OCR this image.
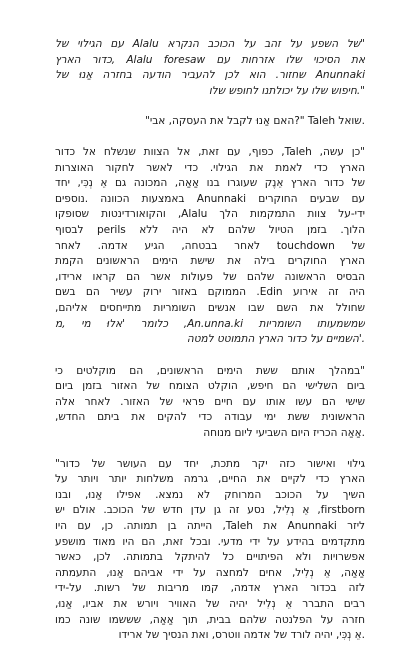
"של השפע על זהב על הכוכב הנקרא Alalu עם הגילוי של
את הסיכוי שלו אזרחות עם Alalu foresaw ,כדור הארץ
Anunnaki שחזור. הוא לכן להעביר הודעה בחזרה אַנוּ של
".חיפוש שלו על יכולתנו לחופש שלו
.שואל Taleh "?האם אַנוּ לקבל את העסקה, אבי"
"כן עשה, Taleh, כפוף, עם זאת, אל הצוות שנשלח אל כדור
הארץ כדי לאמת את הגילוי. כדי לאשר לחקור האוצרות
של כדור הארץ אֵנֶק שעוגרו בנו אַאַה, המכונה גם אֵ נְכִּי, יחד
עם שבעים החוקרים Anunnaki באמצעות הכוונה .נוספים
ידי-על צוות התמקמות הלך Alalu, והקואורדינטות שסופקו
הלוך. בזמן הטיול שלהם לא היה ללא perils לבסוף
של touchdown לאחר בבטחה, הגיע אדמה. לאחר
הארץ החוקרים בילה את שישת הימים הראשונים הקמת
הבסיס הראשונה שלהם של פעולות אשר הם קראו ארידו,
היה זה אירוע Edin. הממוקם באזור ירוק עשיר הם בשם
שחולל את השם שבו אנשים השומריות מתייחסים אליהם,
שמשמעותו השומריות An.unna.ki, כלומר 'אלוּ מי ,מ
.'השמיים על כדור הארץ התמוטט למטה
"במהלך אותם ששת הימים הראשונים, הם מוקלטים כי
ביום השלישי הם חיפש, הוקלט הצומח של האזור בזמן ביום
שישי הם עשו אותו עם חיים פראי של האזור. לאחר אלה
הראשונית ששת ימי עבודה כדי להקים את ביתם החדש,
.אַאַה הכריז היום השביעי ליום מנוחה
גילוי ואישור כזה יקר מתכת, יחד עם העושר של כדור"
הארץ כדי לקיים את החיים, גרמה משלחות יותר ויותר על
השיך על הכוכב המרוחק לא נמצא. אפילו אַנוּ, ובנו
firstborn, אֵ נְלִיל, נסע זה גן עדן חדש של הכוכב. אולם יש
ליזר Anunnaki את Taleh, הייתה בן תמותה. כן, עם היו
מתקדמים בהידע על ידי מדעי. ובכל זאת, הם היו מאוד מושפע
אפשרויות ולא הפיתויים כל להיתקל בתמותה. לכן, כאשר
אַאַה, אֵ נְלִיל, אחים למחצה על ידי אביהם אַנוּ, התעמתה
לזה בכדור הארץ אדמה, קמו מריבות של רשות. על-ידי
רבים התברר אֵ נְלִיל יהיה של האוויר ויורש את אביו, אַנוּ,
חזרה על הפלנטה שלהם בבית, תוך אַאַה, שששמו שונה כמו
.אֵ נְכִּי, יהיה לורד של אדמה ווטרס, ואת הנסיך של ארידו
